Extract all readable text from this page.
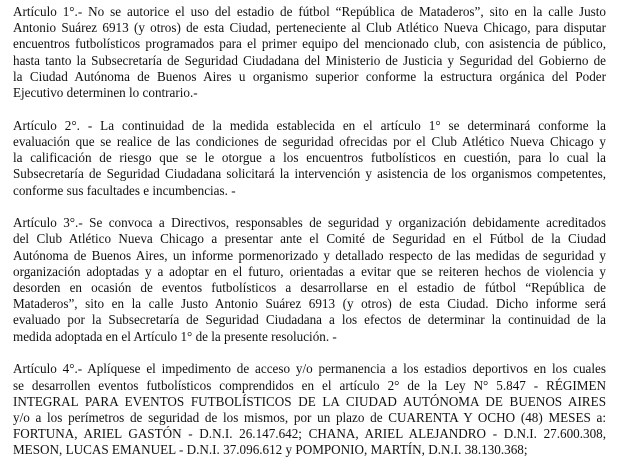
Artículo 1°.- No se autorice el uso del estadio de fútbol “República de Mataderos”, sito en la calle Justo
Antonio Suárez 6913 (y otros) de esta Ciudad, perteneciente al Club Atlético Nueva Chicago, para disputar
encuentros futbolísticos programados para el primer equipo del mencionado club, con asistencia de público,
hasta tanto la Subsecretaría de Seguridad Ciudadana del Ministerio de Justicia y Seguridad del Gobierno de
la Ciudad Autónoma de Buenos Aires u organismo superior conforme la estructura orgánica del Poder
Ejecutivo determinen lo contrario.-
Artículo 2°. - La continuidad de la medida establecida en el artículo 1° se determinará conforme la
evaluación que se realice de las condiciones de seguridad ofrecidas por el Club Atlético Nueva Chicago y
la calificación de riesgo que se le otorgue a los encuentros futbolísticos en cuestión, para lo cual la
Subsecretaría de Seguridad Ciudadana solicitará la intervención y asistencia de los organismos competentes,
conforme sus facultades e incumbencias. -
Artículo 3°.- Se convoca a Directivos, responsables de seguridad y organización debidamente acreditados
del Club Atlético Nueva Chicago a presentar ante el Comité de Seguridad en el Fútbol de la Ciudad
Autónoma de Buenos Aires, un informe pormenorizado y detallado respecto de las medidas de seguridad y
organización adoptadas y a adoptar en el futuro, orientadas a evitar que se reiteren hechos de violencia y
desorden en ocasión de eventos futbolísticos a desarrollarse en el estadio de fútbol “República de
Mataderos”, sito en la calle Justo Antonio Suárez 6913 (y otros) de esta Ciudad. Dicho informe será
evaluado por la Subsecretaría de Seguridad Ciudadana a los efectos de determinar la continuidad de la
medida adoptada en el Artículo 1° de la presente resolución. -
Artículo 4°.- Aplíquese el impedimento de acceso y/o permanencia a los estadios deportivos en los cuales
se desarrollen eventos futbolísticos comprendidos en el artículo 2° de la Ley N° 5.847 - RÉGIMEN
INTEGRAL PARA EVENTOS FUTBOLÍSTICOS DE LA CIUDAD AUTÓNOMA DE BUENOS AIRES
y/o a los perímetros de seguridad de los mismos, por un plazo de CUARENTA Y OCHO (48) MESES a:
FORTUNA, ARIEL GASTÓN - D.N.I. 26.147.642; CHANA, ARIEL ALEJANDRO - D.N.I. 27.600.308,
MESON, LUCAS EMANUEL - D.N.I. 37.096.612 y POMPONIO, MARTÍN, D.N.I. 38.130.368;
